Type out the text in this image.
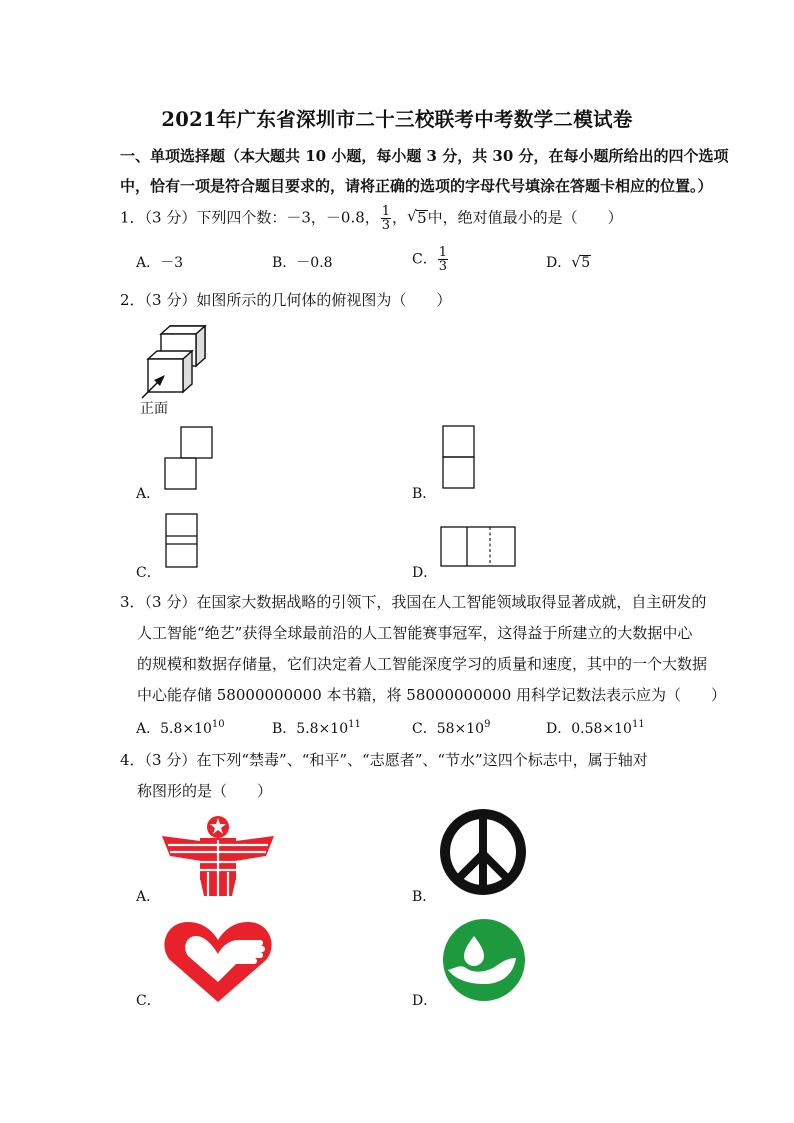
2021年广东省深圳市二十三校联考中考数学二模试卷
一、单项选择题（本大题共 10 小题，每小题 3 分，共 30 分，在每小题所给出的四个选项
中，恰有一项是符合题目要求的，请将正确的选项的字母代号填涂在答题卡相应的位置。）
1．（3 分）下列四个数：－3，－0.8， $\frac{1}{3}$ ， √ 5中，绝对值最小的是（　　）
A．－3	B．－0.8	C． $\frac{1}{3}$	D． √ 5
2．（3 分）如图所示的几何体的俯视图为（　　）
正面
A．	B．
C．	D．
3．（3 分）在国家大数据战略的引领下，我国在人工智能领域取得显著成就，自主研发的
人工智能“绝艺”获得全球最前沿的人工智能赛事冠军，这得益于所建立的大数据中心
的规模和数据存储量，它们决定着人工智能深度学习的质量和速度，其中的一个大数据
中心能存储 58000000000 本书籍，将 58000000000 用科学记数法表示应为（　　）
A．$5.8\times 10^{10}$	B．$5.8\times 10^{11}$	C．$58\times 10^9$	D．$0.58\times 10^{11}$
4．（3 分）在下列“禁毒”、“和平”、“志愿者”、“节水”这四个标志中，属于轴对
称图形的是（　　）
A．	B．
C．	D．
